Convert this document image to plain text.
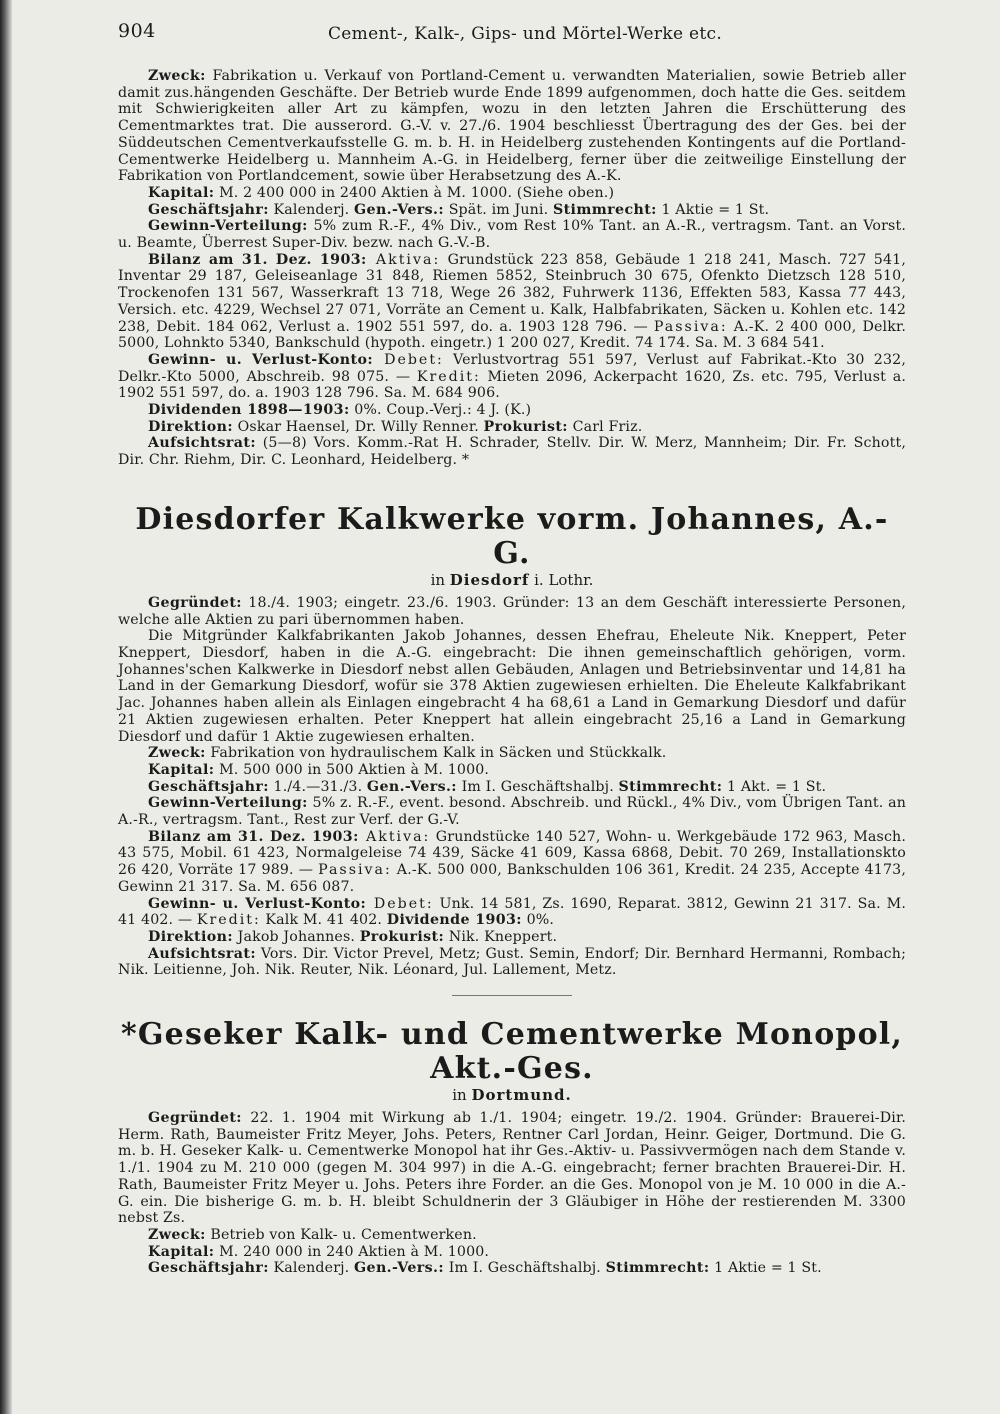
904	Cement-, Kalk-, Gips- und Mörtel-Werke etc.

Zweck: Fabrikation u. Verkauf von Portland-Cement u. verwandten Materialien, sowie Betrieb aller damit zus.hängenden Geschäfte. Der Betrieb wurde Ende 1899 aufgenommen, doch hatte die Ges. seitdem mit Schwierigkeiten aller Art zu kämpfen, wozu in den letzten Jahren die Erschütterung des Cementmarktes trat. Die ausserord. G.-V. v. 27./6. 1904 beschliesst Übertragung des der Ges. bei der Süddeutschen Cementverkaufsstelle G. m. b. H. in Heidelberg zustehenden Kontingents auf die Portland-Cementwerke Heidelberg u. Mannheim A.-G. in Heidelberg, ferner über die zeitweilige Einstellung der Fabrikation von Portlandcement, sowie über Herabsetzung des A.-K.

Kapital: M. 2 400 000 in 2400 Aktien à M. 1000. (Siehe oben.)

Geschäftsjahr: Kalenderj. Gen.-Vers.: Spät. im Juni. Stimmrecht: 1 Aktie = 1 St.

Gewinn-Verteilung: 5% zum R.-F., 4% Div., vom Rest 10% Tant. an A.-R., vertragsm. Tant. an Vorst. u. Beamte, Überrest Super-Div. bezw. nach G.-V.-B.

Bilanz am 31. Dez. 1903: Aktiva: Grundstück 223 858, Gebäude 1 218 241, Masch. 727 541, Inventar 29 187, Geleiseanlage 31 848, Riemen 5852, Steinbruch 30 675, Ofenkto Dietzsch 128 510, Trockenofen 131 567, Wasserkraft 13 718, Wege 26 382, Fuhrwerk 1136, Effekten 583, Kassa 77 443, Versich. etc. 4229, Wechsel 27 071, Vorräte an Cement u. Kalk, Halbfabrikaten, Säcken u. Kohlen etc. 142 238, Debit. 184 062, Verlust a. 1902 551 597, do. a. 1903 128 796. — Passiva: A.-K. 2 400 000, Delkr. 5000, Lohnkto 5340, Bankschuld (hypoth. eingetr.) 1 200 027, Kredit. 74 174. Sa. M. 3 684 541.

Gewinn- u. Verlust-Konto: Debet: Verlustvortrag 551 597, Verlust auf Fabrikat.-Kto 30 232, Delkr.-Kto 5000, Abschreib. 98 075. — Kredit: Mieten 2096, Ackerpacht 1620, Zs. etc. 795, Verlust a. 1902 551 597, do. a. 1903 128 796. Sa. M. 684 906.

Dividenden 1898—1903: 0%. Coup.-Verj.: 4 J. (K.)

Direktion: Oskar Haensel, Dr. Willy Renner. Prokurist: Carl Friz.

Aufsichtsrat: (5—8) Vors. Komm.-Rat H. Schrader, Stellv. Dir. W. Merz, Mannheim; Dir. Fr. Schott, Dir. Chr. Riehm, Dir. C. Leonhard, Heidelberg. *

Diesdorfer Kalkwerke vorm. Johannes, A.-G.

in Diesdorf i. Lothr.

Gegründet: 18./4. 1903; eingetr. 23./6. 1903. Gründer: 13 an dem Geschäft interessierte Personen, welche alle Aktien zu pari übernommen haben.

Die Mitgründer Kalkfabrikanten Jakob Johannes, dessen Ehefrau, Eheleute Nik. Kneppert, Peter Kneppert, Diesdorf, haben in die A.-G. eingebracht: Die ihnen gemeinschaftlich gehörigen, vorm. Johannes'schen Kalkwerke in Diesdorf nebst allen Gebäuden, Anlagen und Betriebsinventar und 14,81 ha Land in der Gemarkung Diesdorf, wofür sie 378 Aktien zugewiesen erhielten. Die Eheleute Kalkfabrikant Jac. Johannes haben allein als Einlagen eingebracht 4 ha 68,61 a Land in Gemarkung Diesdorf und dafür 21 Aktien zugewiesen erhalten. Peter Kneppert hat allein eingebracht 25,16 a Land in Gemarkung Diesdorf und dafür 1 Aktie zugewiesen erhalten.

Zweck: Fabrikation von hydraulischem Kalk in Säcken und Stückkalk.

Kapital: M. 500 000 in 500 Aktien à M. 1000.

Geschäftsjahr: 1./4.—31./3. Gen.-Vers.: Im I. Geschäftshalbj. Stimmrecht: 1 Akt. = 1 St.

Gewinn-Verteilung: 5% z. R.-F., event. besond. Abschreib. und Rückl., 4% Div., vom Übrigen Tant. an A.-R., vertragsm. Tant., Rest zur Verf. der G.-V.

Bilanz am 31. Dez. 1903: Aktiva: Grundstücke 140 527, Wohn- u. Werkgebäude 172 963, Masch. 43 575, Mobil. 61 423, Normalgeleise 74 439, Säcke 41 609, Kassa 6868, Debit. 70 269, Installationskto 26 420, Vorräte 17 989. — Passiva: A.-K. 500 000, Bankschulden 106 361, Kredit. 24 235, Accepte 4173, Gewinn 21 317. Sa. M. 656 087.

Gewinn- u. Verlust-Konto: Debet: Unk. 14 581, Zs. 1690, Reparat. 3812, Gewinn 21 317. Sa. M. 41 402. — Kredit: Kalk M. 41 402. Dividende 1903: 0%.

Direktion: Jakob Johannes. Prokurist: Nik. Kneppert.

Aufsichtsrat: Vors. Dir. Victor Prevel, Metz; Gust. Semin, Endorf; Dir. Bernhard Hermanni, Rombach; Nik. Leitienne, Joh. Nik. Reuter, Nik. Léonard, Jul. Lallement, Metz.

*Geseker Kalk- und Cementwerke Monopol, Akt.-Ges.

in Dortmund.

Gegründet: 22. 1. 1904 mit Wirkung ab 1./1. 1904; eingetr. 19./2. 1904. Gründer: Brauerei-Dir. Herm. Rath, Baumeister Fritz Meyer, Johs. Peters, Rentner Carl Jordan, Heinr. Geiger, Dortmund. Die G. m. b. H. Geseker Kalk- u. Cementwerke Monopol hat ihr Ges.-Aktiv- u. Passivvermögen nach dem Stande v. 1./1. 1904 zu M. 210 000 (gegen M. 304 997) in die A.-G. eingebracht; ferner brachten Brauerei-Dir. H. Rath, Baumeister Fritz Meyer u. Johs. Peters ihre Forder. an die Ges. Monopol von je M. 10 000 in die A.-G. ein. Die bisherige G. m. b. H. bleibt Schuldnerin der 3 Gläubiger in Höhe der restierenden M. 3300 nebst Zs.

Zweck: Betrieb von Kalk- u. Cementwerken.

Kapital: M. 240 000 in 240 Aktien à M. 1000.

Geschäftsjahr: Kalenderj. Gen.-Vers.: Im I. Geschäftshalbj. Stimmrecht: 1 Aktie = 1 St.
